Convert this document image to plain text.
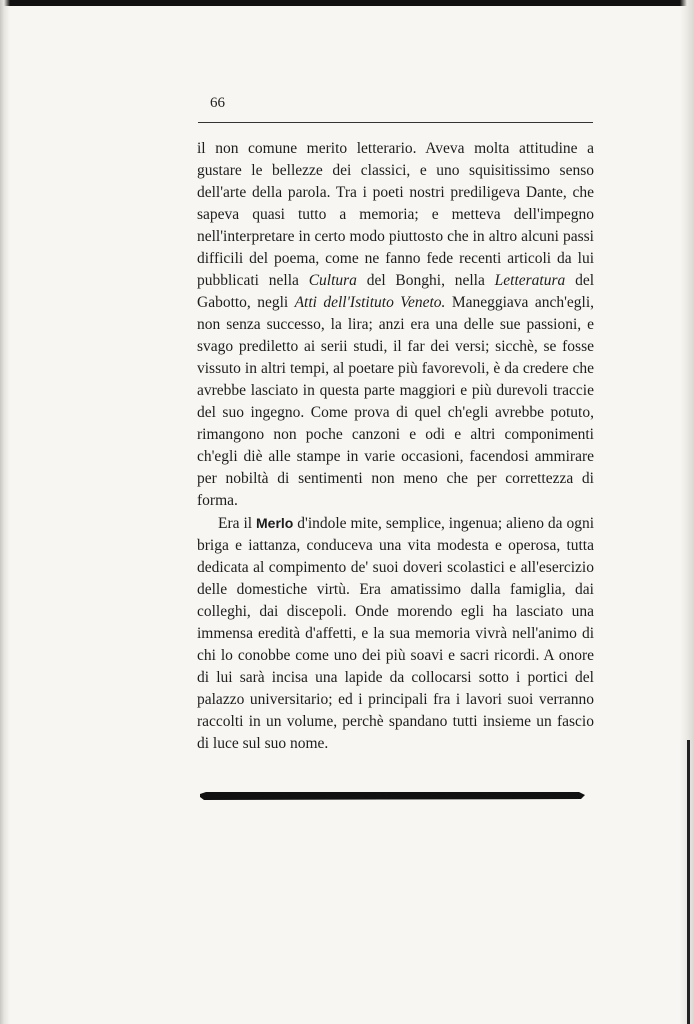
66

il non comune merito letterario. Aveva molta attitudine a gustare le bellezze dei classici, e uno squisitissimo senso dell'arte della parola. Tra i poeti nostri prediligeva Dante, che sapeva quasi tutto a memoria; e metteva dell'impegno nell'interpretare in certo modo piuttosto che in altro alcuni passi difficili del poema, come ne fanno fede recenti articoli da lui pubblicati nella Cultura del Bonghi, nella Letteratura del Gabotto, negli Atti dell'Istituto Veneto. Maneggiava anch'egli, non senza successo, la lira; anzi era una delle sue passioni, e svago prediletto ai serii studi, il far dei versi; sicchè, se fosse vissuto in altri tempi, al poetare più favorevoli, è da credere che avrebbe lasciato in questa parte maggiori e più durevoli traccie del suo ingegno. Come prova di quel ch'egli avrebbe potuto, rimangono non poche canzoni e odi e altri componimenti ch'egli diè alle stampe in varie occasioni, facendosi ammirare per nobiltà di sentimenti non meno che per correttezza di forma.

Era il Merlo d'indole mite, semplice, ingenua; alieno da ogni briga e iattanza, conduceva una vita modesta e operosa, tutta dedicata al compimento de' suoi doveri scolastici e all'esercizio delle domestiche virtù. Era amatissimo dalla famiglia, dai colleghi, dai discepoli. Onde morendo egli ha lasciato una immensa eredità d'affetti, e la sua memoria vivrà nell'animo di chi lo conobbe come uno dei più soavi e sacri ricordi. A onore di lui sarà incisa una lapide da collocarsi sotto i portici del palazzo universitario; ed i principali fra i lavori suoi verranno raccolti in un volume, perchè spandano tutti insieme un fascio di luce sul suo nome.
